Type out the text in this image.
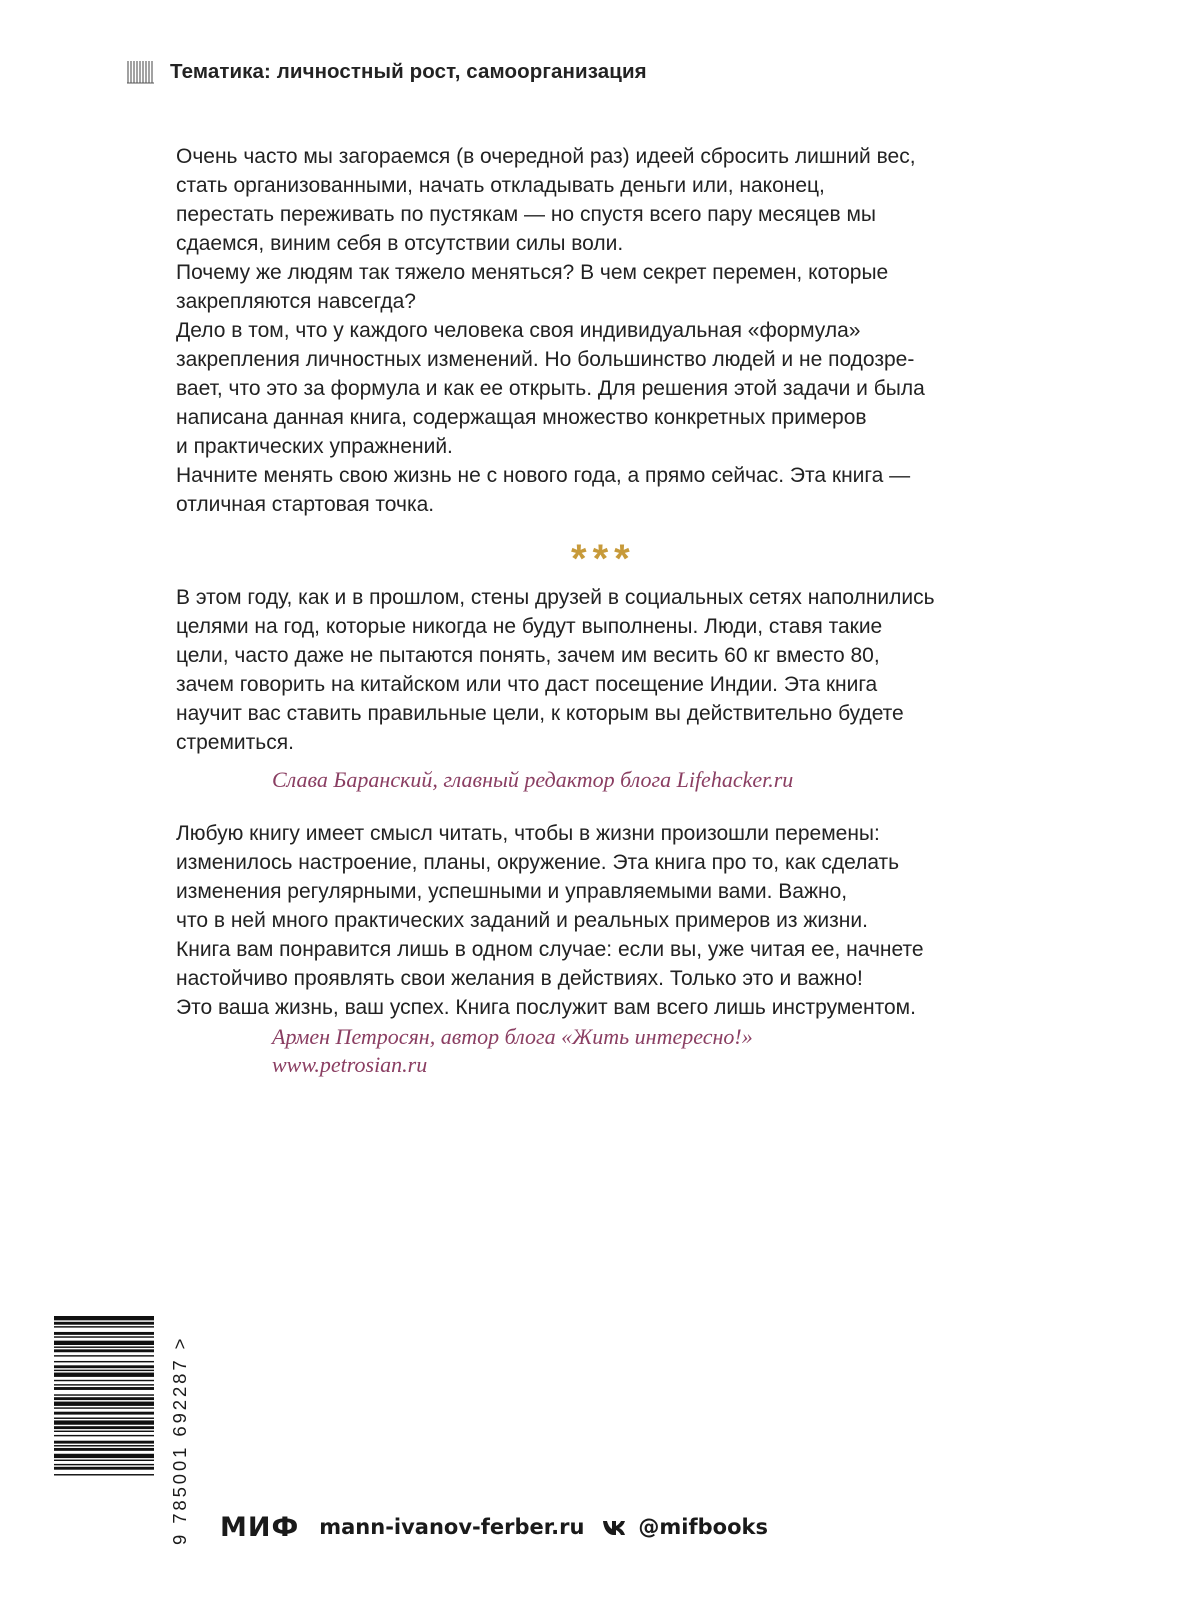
Тематика: личностный рост, самоорганизация
Очень часто мы загораемся (в очередной раз) идеей сбросить лишний вес,
стать организованными, начать откладывать деньги или, наконец,
перестать переживать по пустякам — но спустя всего пару месяцев мы
сдаемся, виним себя в отсутствии силы воли.
Почему же людям так тяжело меняться? В чем секрет перемен, которые
закрепляются навсегда?
Дело в том, что у каждого человека своя индивидуальная «формула»
закрепления личностных изменений. Но большинство людей и не подозре-
вает, что это за формула и как ее открыть. Для решения этой задачи и была
написана данная книга, содержащая множество конкретных примеров
и практических упражнений.
Начните менять свою жизнь не с нового года, а прямо сейчас. Эта книга —
отличная стартовая точка.
***
В этом году, как и в прошлом, стены друзей в социальных сетях наполнились
целями на год, которые никогда не будут выполнены. Люди, ставя такие
цели, часто даже не пытаются понять, зачем им весить 60 кг вместо 80,
зачем говорить на китайском или что даст посещение Индии. Эта книга
научит вас ставить правильные цели, к которым вы действительно будете
стремиться.
Слава Баранский, главный редактор блога Lifehacker.ru
Любую книгу имеет смысл читать, чтобы в жизни произошли перемены:
изменилось настроение, планы, окружение. Эта книга про то, как сделать
изменения регулярными, успешными и управляемыми вами. Важно,
что в ней много практических заданий и реальных примеров из жизни.
Книга вам понравится лишь в одном случае: если вы, уже читая ее, начнете
настойчиво проявлять свои желания в действиях. Только это и важно!
Это ваша жизнь, ваш успех. Книга послужит вам всего лишь инструментом.
Армен Петросян, автор блога «Жить интересно!»
www.petrosian.ru
9 785001 692287 > МИФ mann-ivanov-ferber.ru	@mifbooks
